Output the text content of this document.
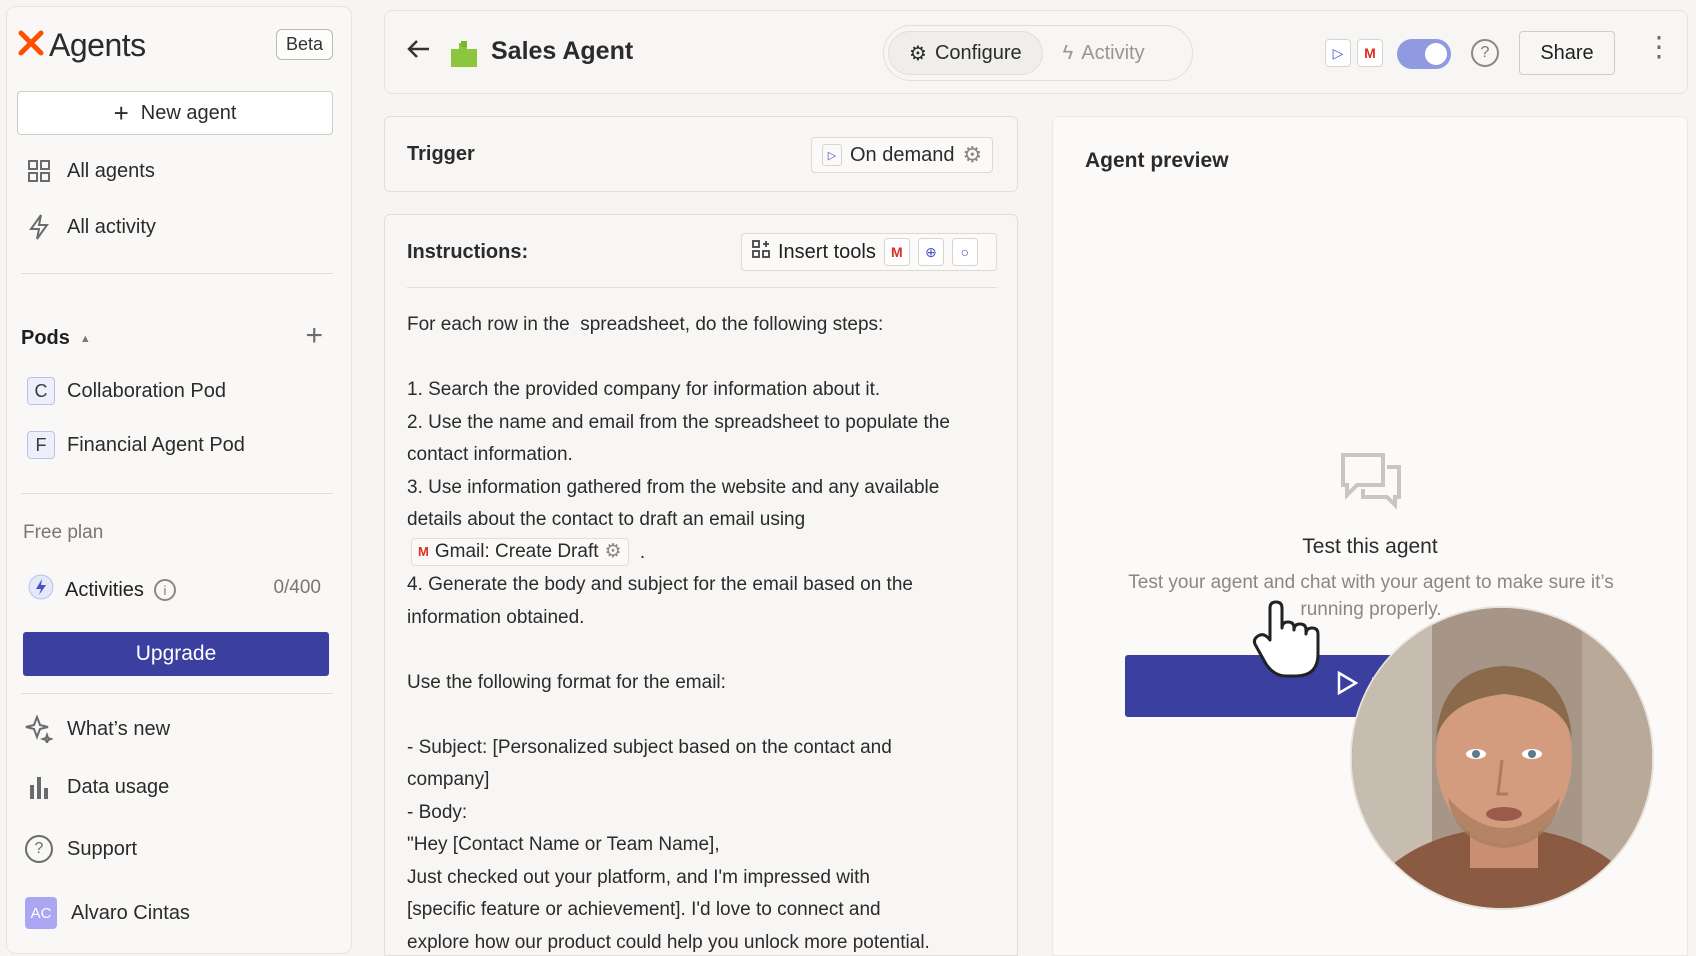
Agents	Beta
+ New agent
All agents
All activity
Pods ▲	+
C Collaboration Pod
F	Financial Agent Pod
Free plan
Activities	i	0/400
Upgrade
What’s new
Data usage
?	Support
AC Alvaro Cintas
Sales Agent	⚙ Configure ϟ Activity	▷	M	?	Share	⋮
Trigger	▷ On demand ⚙
Instructions:	Insert tools	M	⊕	○
For each row in the  spreadsheet, do the following steps:
1. Search the provided company for information about it.
2. Use the name and email from the spreadsheet to populate the
contact information.
3. Use information gathered from the website and any available
details about the contact to draft an email using
M Gmail: Create Draft ⚙ .
4. Generate the body and subject for the email based on the
information obtained.
Use the following format for the email:
- Subject: [Personalized subject based on the contact and
company]
- Body:
"Hey [Contact Name or Team Name],
Just checked out your platform, and I'm impressed with
[specific feature or achievement]. I'd love to connect and
explore how our product could help you unlock more potential.
Agent preview
Test this agent
Test your agent and chat with your agent to make sure it’s running properly.
